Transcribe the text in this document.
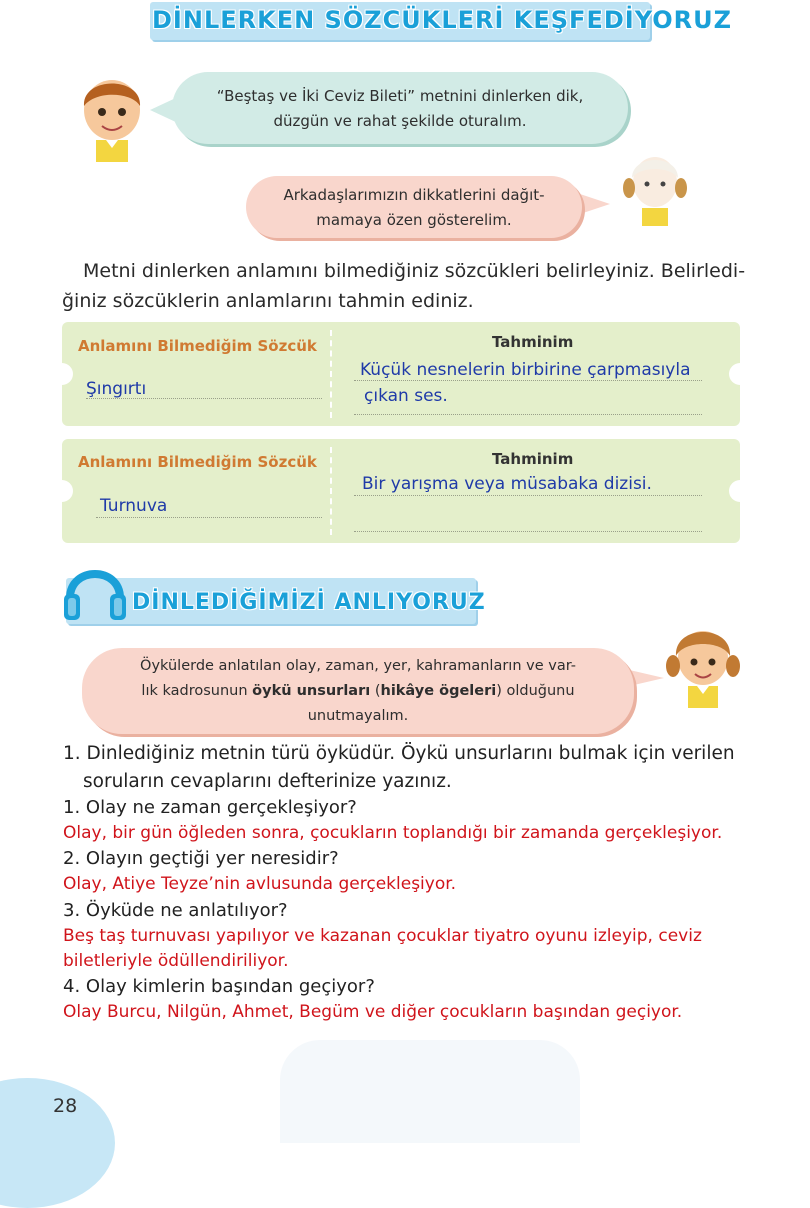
DİNLERKEN SÖZCÜKLERİ KEŞFEDİYORUZ
“Beştaş ve İki Ceviz Bileti” metnini dinlerken dik,
düzgün ve rahat şekilde oturalım.
Arkadaşlarımızın dikkatlerini dağıt-
mamaya özen gösterelim.
Metni dinlerken anlamını bilmediğiniz sözcükleri belirleyiniz. Belirledi-
ğiniz sözcüklerin anlamlarını tahmin ediniz.
Anlamını Bilmediğim Sözcük	Tahminim
Şıngırtı
Küçük nesnelerin birbirine çarpmasıyla
çıkan ses.
Anlamını Bilmediğim Sözcük	Tahminim
Turnuva
Bir yarışma veya müsabaka dizisi.
DİNLEDİĞİMİZİ ANLIYORUZ
Öykülerde anlatılan olay, zaman, yer, kahramanların ve var-
lık kadrosunun öykü unsurları (hikâye ögeleri) olduğunu
unutmayalım.
1. Dinlediğiniz metnin türü öyküdür. Öykü unsurlarını bulmak için verilen
soruların cevaplarını defterinize yazınız.
1. Olay ne zaman gerçekleşiyor?
Olay, bir gün öğleden sonra, çocukların toplandığı bir zamanda gerçekleşiyor.
2. Olayın geçtiği yer neresidir?
Olay, Atiye Teyze’nin avlusunda gerçekleşiyor.
3. Öyküde ne anlatılıyor?
Beş taş turnuvası yapılıyor ve kazanan çocuklar tiyatro oyunu izleyip, ceviz
biletleriyle ödüllendiriliyor.
4. Olay kimlerin başından geçiyor?
Olay Burcu, Nilgün, Ahmet, Begüm ve diğer çocukların başından geçiyor.
28
